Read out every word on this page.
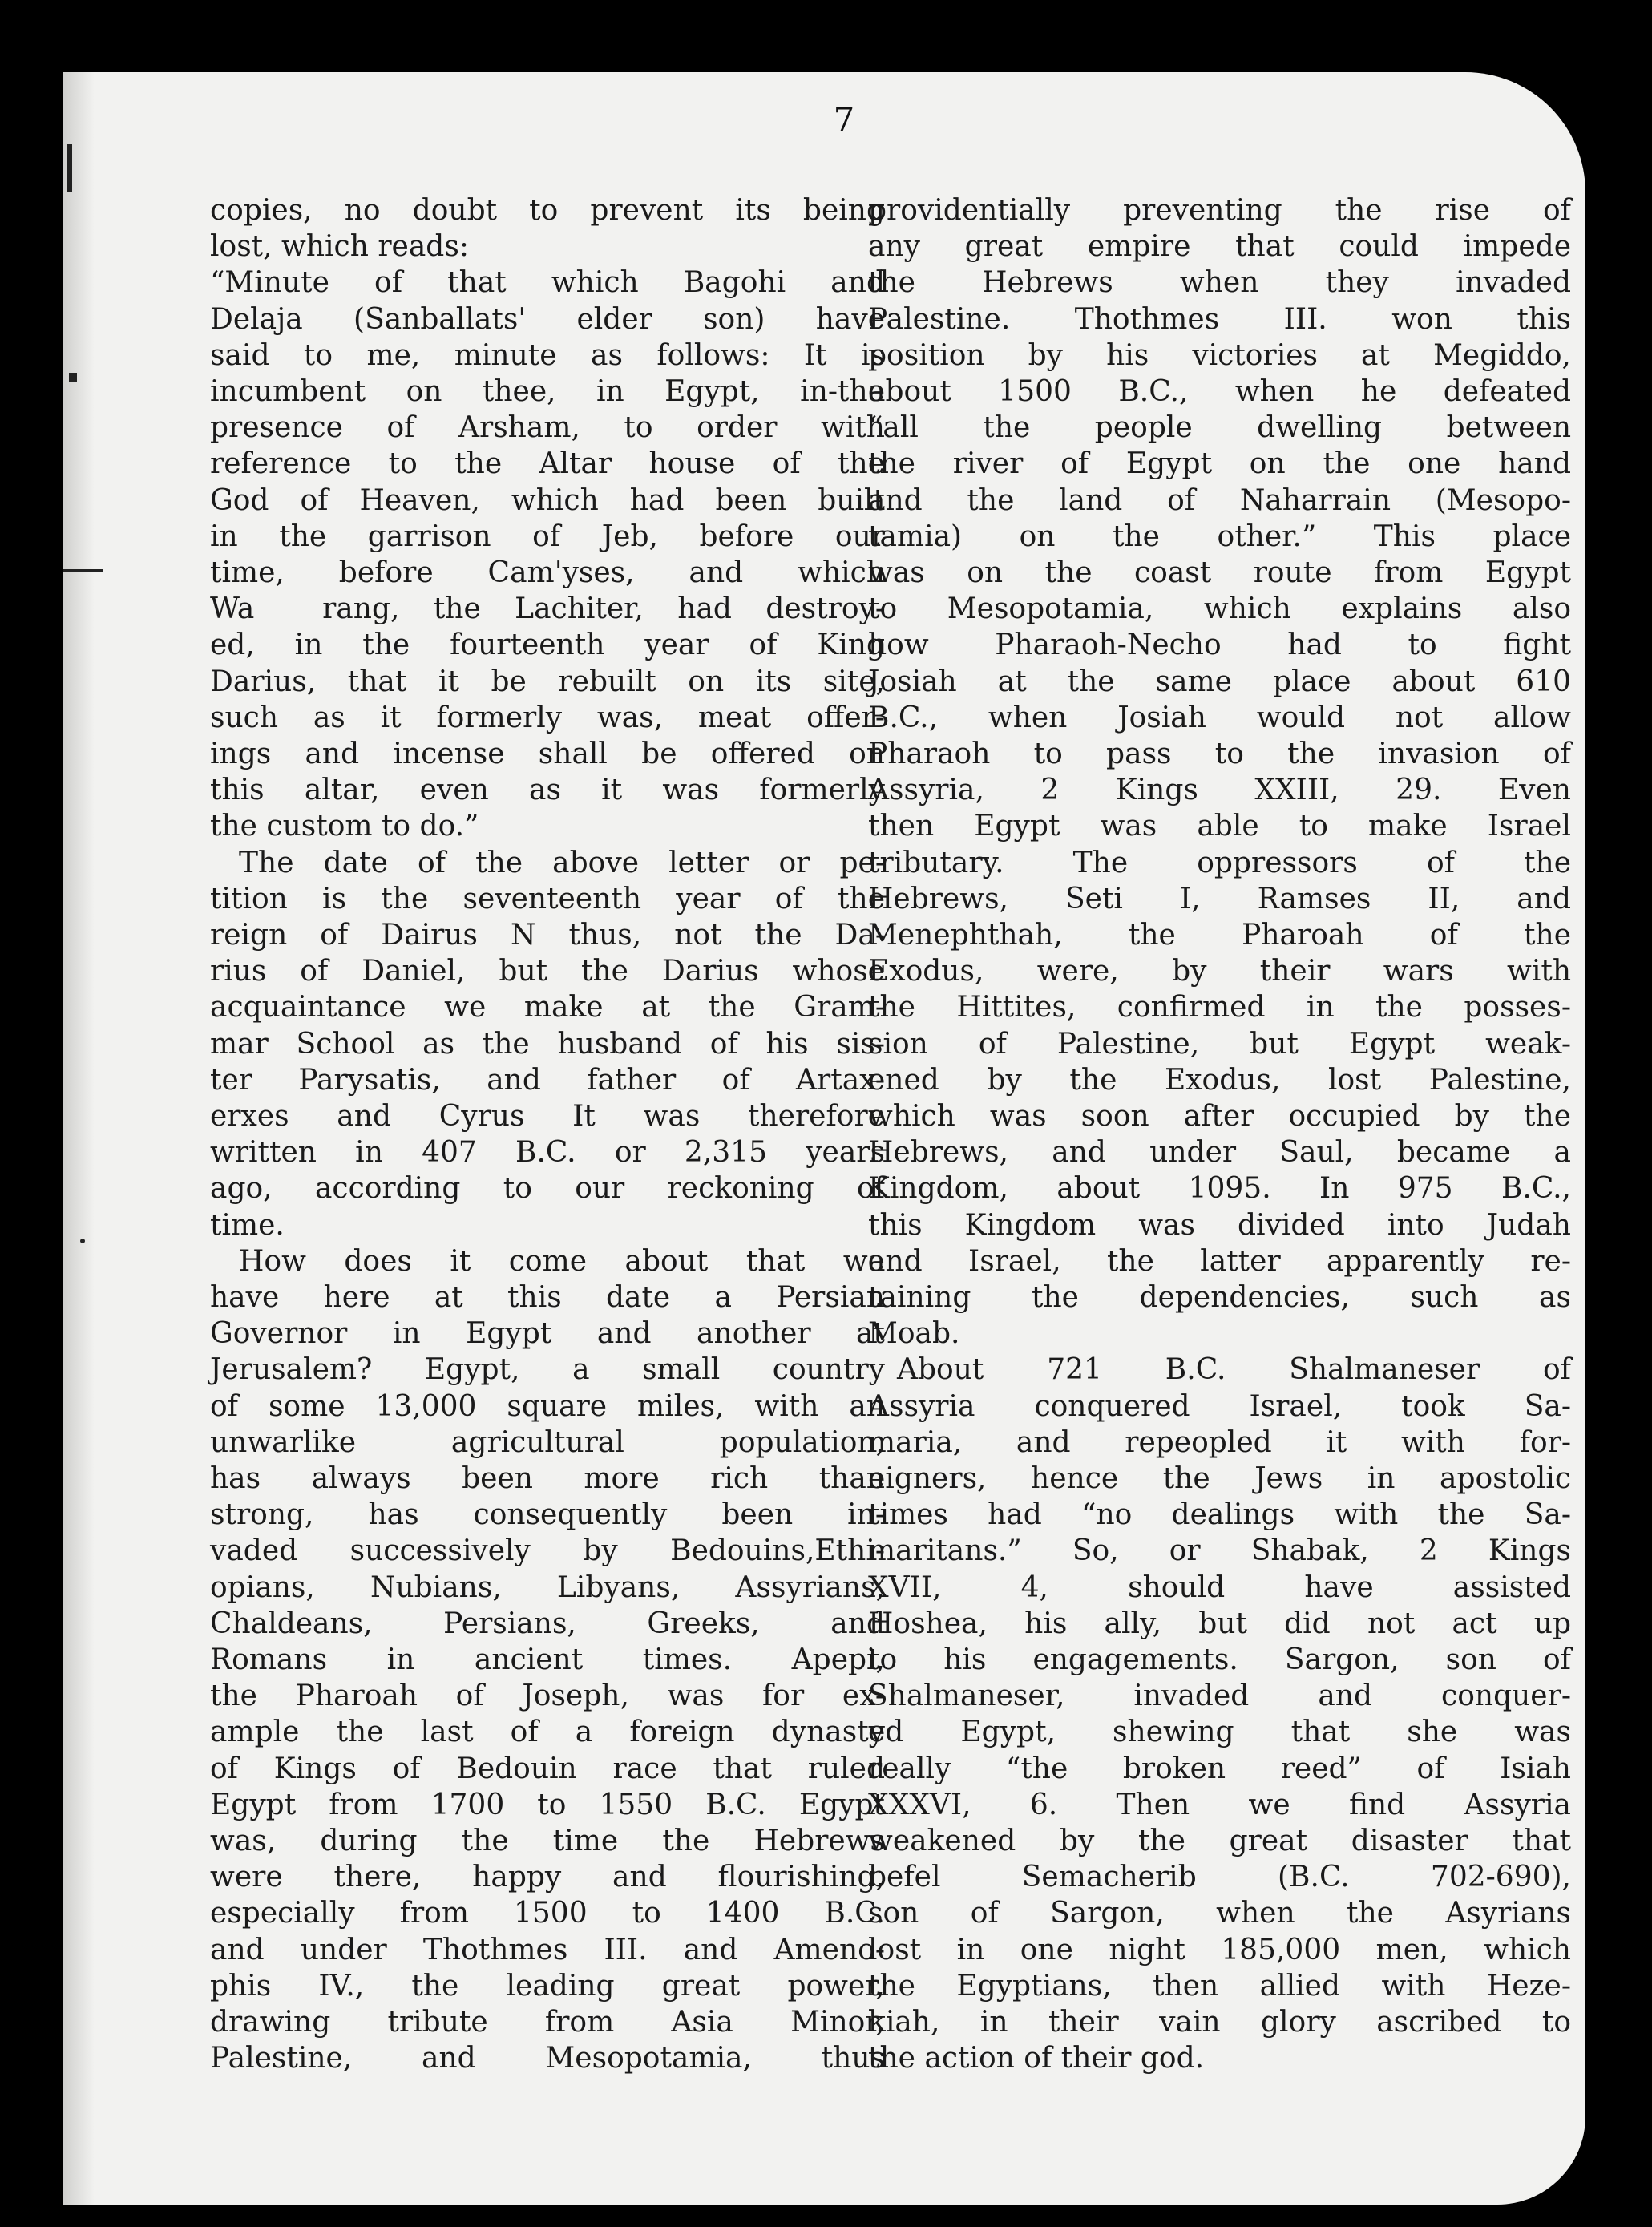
7
copies, no doubt to prevent its being
lost, which reads:
“Minute of that which Bagohi and
Delaja (Sanballats' elder son) have
said to me, minute as follows: It is
incumbent on thee, in Egypt, in-the
presence of Arsham, to order with
reference to the Altar house of the
God of Heaven, which had been built
in the garrison of Jeb, before our
time, before Cam'yses, and which
Wa  rang, the Lachiter, had destroy-
ed, in the fourteenth year of King
Darius, that it be rebuilt on its site,
such as it formerly was, meat offer-
ings and incense shall be offered on
this altar, even as it was formerly
the custom to do.”
 The date of the above letter or pe-
tition is the seventeenth year of the
reign of Dairus N thus, not the Da-
rius of Daniel, but the Darius whose
acquaintance we make at the Gram-
mar School as the husband of his sis-
ter Parysatis, and father of Artax-
erxes and Cyrus It was therefore
written in 407 B.C. or 2,315 years
ago, according to our reckoning of
time.
 How does it come about that we
have here at this date a Persian
Governor in Egypt and another at
Jerusalem? Egypt, a small country
of some 13,000 square miles, with an
unwarlike agricultural population,
has always been more rich than
strong, has consequently been in-
vaded successively by Bedouins,Ethi-
opians, Nubians, Libyans, Assyrians,
Chaldeans, Persians, Greeks, and
Romans in ancient times. Apepi,
the Pharoah of Joseph, was for ex-
ample the last of a foreign dynasty
of Kings of Bedouin race that ruled
Egypt from 1700 to 1550 B.C. Egypt
was, during the time the Hebrews
were there, happy and flourishing,
especially from 1500 to 1400 B.C.
and under Thothmes III. and Ameno-
phis IV., the leading great power,
drawing tribute from Asia Minor,
Palestine, and Mesopotamia, thus
providentially preventing the rise of
any great empire that could impede
the Hebrews when they invaded
Palestine. Thothmes III. won this
position by his victories at Megiddo,
about 1500 B.C., when he defeated
“all the people dwelling between
the river of Egypt on the one hand
and the land of Naharrain (Mesopo-
tamia) on the other.” This place
was on the coast route from Egypt
to Mesopotamia, which explains also
how Pharaoh-Necho had to fight
Josiah at the same place about 610
B.C., when Josiah would not allow
Pharaoh to pass to the invasion of
Assyria, 2 Kings XXIII, 29. Even
then Egypt was able to make Israel
tributary. The oppressors of the
Hebrews, Seti I, Ramses II, and
Menephthah, the Pharoah of the
Exodus, were, by their wars with
the Hittites, confirmed in the posses-
sion of Palestine, but Egypt weak-
ened by the Exodus, lost Palestine,
which was soon after occupied by the
Hebrews, and under Saul, became a
Kingdom, about 1095. In 975 B.C.,
this Kingdom was divided into Judah
and Israel, the latter apparently re-
taining the dependencies, such as
Moab.
 About 721 B.C. Shalmaneser of
Assyria conquered Israel, took Sa-
maria, and repeopled it with for-
eigners, hence the Jews in apostolic
times had “no dealings with the Sa-
maritans.” So, or Shabak, 2 Kings
XVII, 4, should have assisted
Hoshea, his ally, but did not act up
to his engagements. Sargon, son of
Shalmaneser, invaded and conquer-
ed Egypt, shewing that she was
really “the broken reed” of Isiah
XXXVI, 6. Then we find Assyria
weakened by the great disaster that
befel Semacherib (B.C. 702-690),
son of Sargon, when the Asyrians
lost in one night 185,000 men, which
the Egyptians, then allied with Heze-
kiah, in their vain glory ascribed to
the action of their god.
